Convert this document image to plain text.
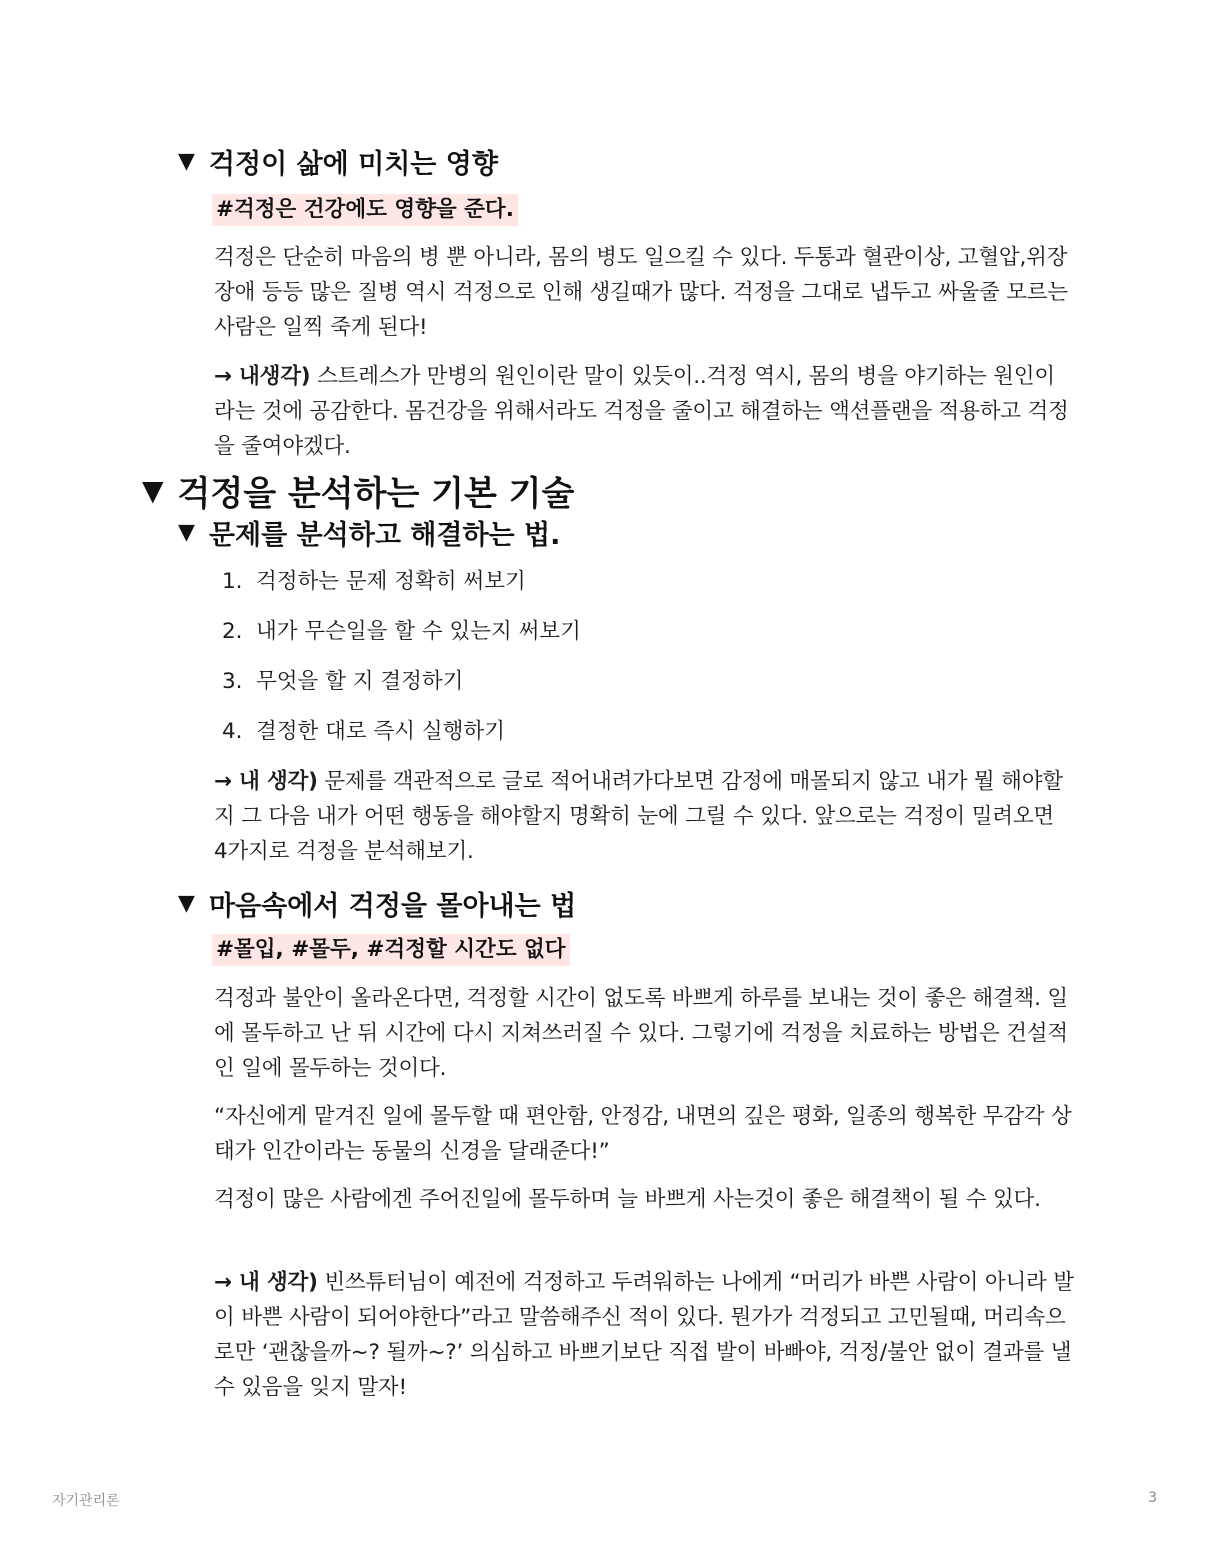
▼ 걱정이 삶에 미치는 영향
#걱정은 건강에도 영향을 준다.
걱정은 단순히 마음의 병 뿐 아니라, 몸의 병도 일으킬 수 있다. 두통과 혈관이상, 고혈압,위장장애 등등 많은 질병 역시 걱정으로 인해 생길때가 많다. 걱정을 그대로 냅두고 싸울줄 모르는 사람은 일찍 죽게 된다!
→ 내생각) 스트레스가 만병의 원인이란 말이 있듯이..걱정 역시, 몸의 병을 야기하는 원인이라는 것에 공감한다. 몸건강을 위해서라도 걱정을 줄이고 해결하는 액션플랜을 적용하고 걱정을 줄여야겠다.
▼ 걱정을 분석하는 기본 기술
▼ 문제를 분석하고 해결하는 법.
1. 걱정하는 문제 정확히 써보기
2. 내가 무슨일을 할 수 있는지 써보기
3. 무엇을 할 지 결정하기
4. 결정한 대로 즉시 실행하기
→ 내 생각) 문제를 객관적으로 글로 적어내려가다보면 감정에 매몰되지 않고 내가 뭘 해야할지 그 다음 내가 어떤 행동을 해야할지 명확히 눈에 그릴 수 있다. 앞으로는 걱정이 밀려오면 4가지로 걱정을 분석해보기.
▼ 마음속에서 걱정을 몰아내는 법
#몰입, #몰두, #걱정할 시간도 없다
걱정과 불안이 올라온다면, 걱정할 시간이 없도록 바쁘게 하루를 보내는 것이 좋은 해결책. 일에 몰두하고 난 뒤 시간에 다시 지쳐쓰러질 수 있다. 그렇기에 걱정을 치료하는 방법은 건설적인 일에 몰두하는 것이다.
“자신에게 맡겨진 일에 몰두할 때 편안함, 안정감, 내면의 깊은 평화, 일종의 행복한 무감각 상태가 인간이라는 동물의 신경을 달래준다!”
걱정이 많은 사람에겐 주어진일에 몰두하며 늘 바쁘게 사는것이 좋은 해결책이 될 수 있다.
→ 내 생각) 빈쓰튜터님이 예전에 걱정하고 두려워하는 나에게 “머리가 바쁜 사람이 아니라 발이 바쁜 사람이 되어야한다”라고 말씀해주신 적이 있다. 뭔가가 걱정되고 고민될때, 머리속으로만 ‘괜찮을까~? 될까~?’ 의심하고 바쁘기보단 직접 발이 바빠야, 걱정/불안 없이 결과를 낼수 있음을 잊지 말자!
자기관리론	3
